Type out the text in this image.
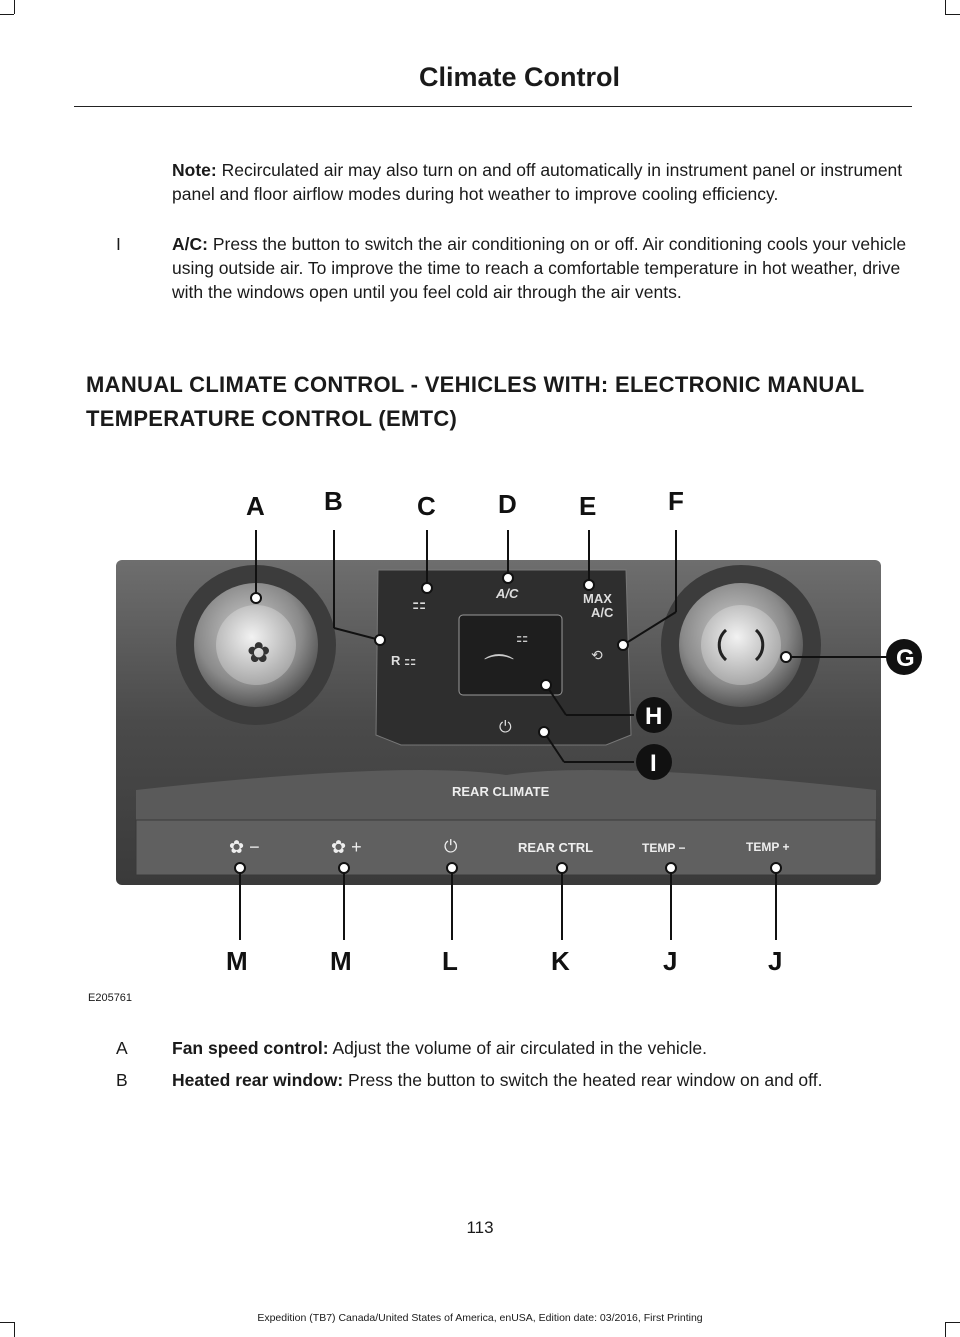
Climate Control
Note: Recirculated air may also turn on and off automatically in instrument panel or instrument panel and floor airflow modes during hot weather to improve cooling efficiency.
I	A/C: Press the button to switch the air conditioning on or off. Air conditioning cools your vehicle using outside air. To improve the time to reach a comfortable temperature in hot weather, drive with the windows open until you feel cold air through the air vents.
MANUAL CLIMATE CONTROL - VEHICLES WITH: ELECTRONIC MANUAL TEMPERATURE CONTROL (EMTC)
✿
⚏
A/C	MAX
A/C
R ⚏	⟲
⏻
⌒
⚏
REAR CLIMATE
✿ −	✿ +	⏻	REAR CTRL	TEMP −	TEMP +
A B	C D E	F
G
H
I
M	M	L	K	J	J
E205761
A	Fan speed control: Adjust the volume of air circulated in the vehicle.
B	Heated rear window: Press the button to switch the heated rear window on and off.
113
Expedition (TB7) Canada/United States of America, enUSA, Edition date: 03/2016, First Printing
